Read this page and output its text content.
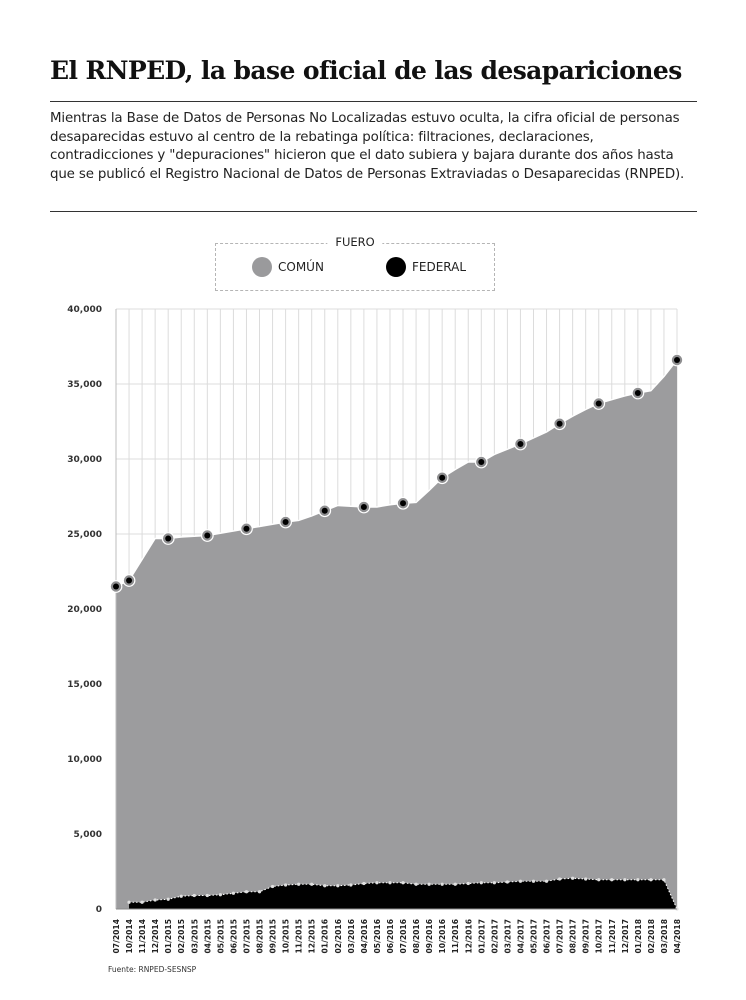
El RNPED, la base oficial de las desapariciones

Mientras la Base de Datos de Personas No Localizadas estuvo oculta, la cifra oficial de personas desaparecidas estuvo al centro de la rebatinga política: filtraciones, declaraciones, contradicciones y "depuraciones" hicieron que el dato subiera y bajara durante dos años hasta que se publicó el Registro Nacional de Datos de Personas Extraviadas o Desaparecidas (RNPED).

FUERO
COMÚN	FEDERAL
0
5,000
10,000
15,000
20,000
25,000
30,000
35,000
40,000
07/2014 10/2014 11/2014 12/2014 01/2015 02/2015 03/2015 04/2015 05/2015 06/2015 07/2015 08/2015 09/2015 10/2015 11/2015 12/2015 01/2016 02/2016 03/2016 04/2016 05/2016 06/2016 07/2016 08/2016 09/2016 10/2016 11/2016 12/2016 01/2017 02/2017 03/2017 04/2017 05/2017 06/2017 07/2017 08/2017 09/2017 10/2017 11/2017 12/2017 01/2018 02/2018 03/2018 04/2018
Fuente: RNPED-SESNSP
